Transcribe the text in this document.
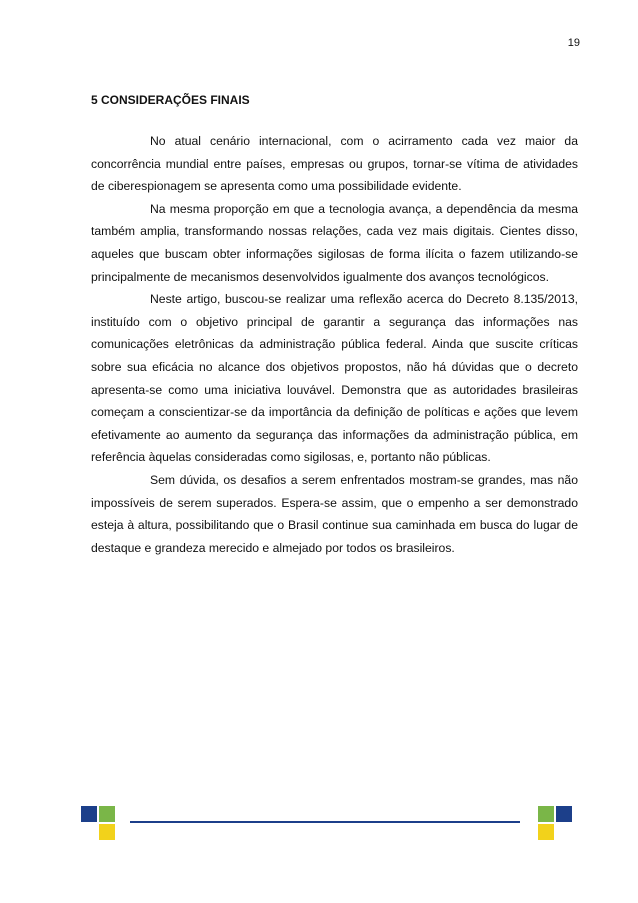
19
5 CONSIDERAÇÕES FINAIS

No atual cenário internacional, com o acirramento cada vez maior da concorrência mundial entre países, empresas ou grupos, tornar-se vítima de atividades de ciberespionagem se apresenta como uma possibilidade evidente.

Na mesma proporção em que a tecnologia avança, a dependência da mesma também amplia, transformando nossas relações, cada vez mais digitais. Cientes disso, aqueles que buscam obter informações sigilosas de forma ilícita o fazem utilizando-se principalmente de mecanismos desenvolvidos igualmente dos avanços tecnológicos.

Neste artigo, buscou-se realizar uma reflexão acerca do Decreto 8.135/2013, instituído com o objetivo principal de garantir a segurança das informações nas comunicações eletrônicas da administração pública federal. Ainda que suscite críticas sobre sua eficácia no alcance dos objetivos propostos, não há dúvidas que o decreto apresenta-se como uma iniciativa louvável. Demonstra que as autoridades brasileiras começam a conscientizar-se da importância da definição de políticas e ações que levem efetivamente ao aumento da segurança das informações da administração pública, em referência àquelas consideradas como sigilosas, e, portanto não públicas.

Sem dúvida, os desafios a serem enfrentados mostram-se grandes, mas não impossíveis de serem superados. Espera-se assim, que o empenho a ser demonstrado esteja à altura, possibilitando que o Brasil continue sua caminhada em busca do lugar de destaque e grandeza merecido e almejado por todos os brasileiros.
